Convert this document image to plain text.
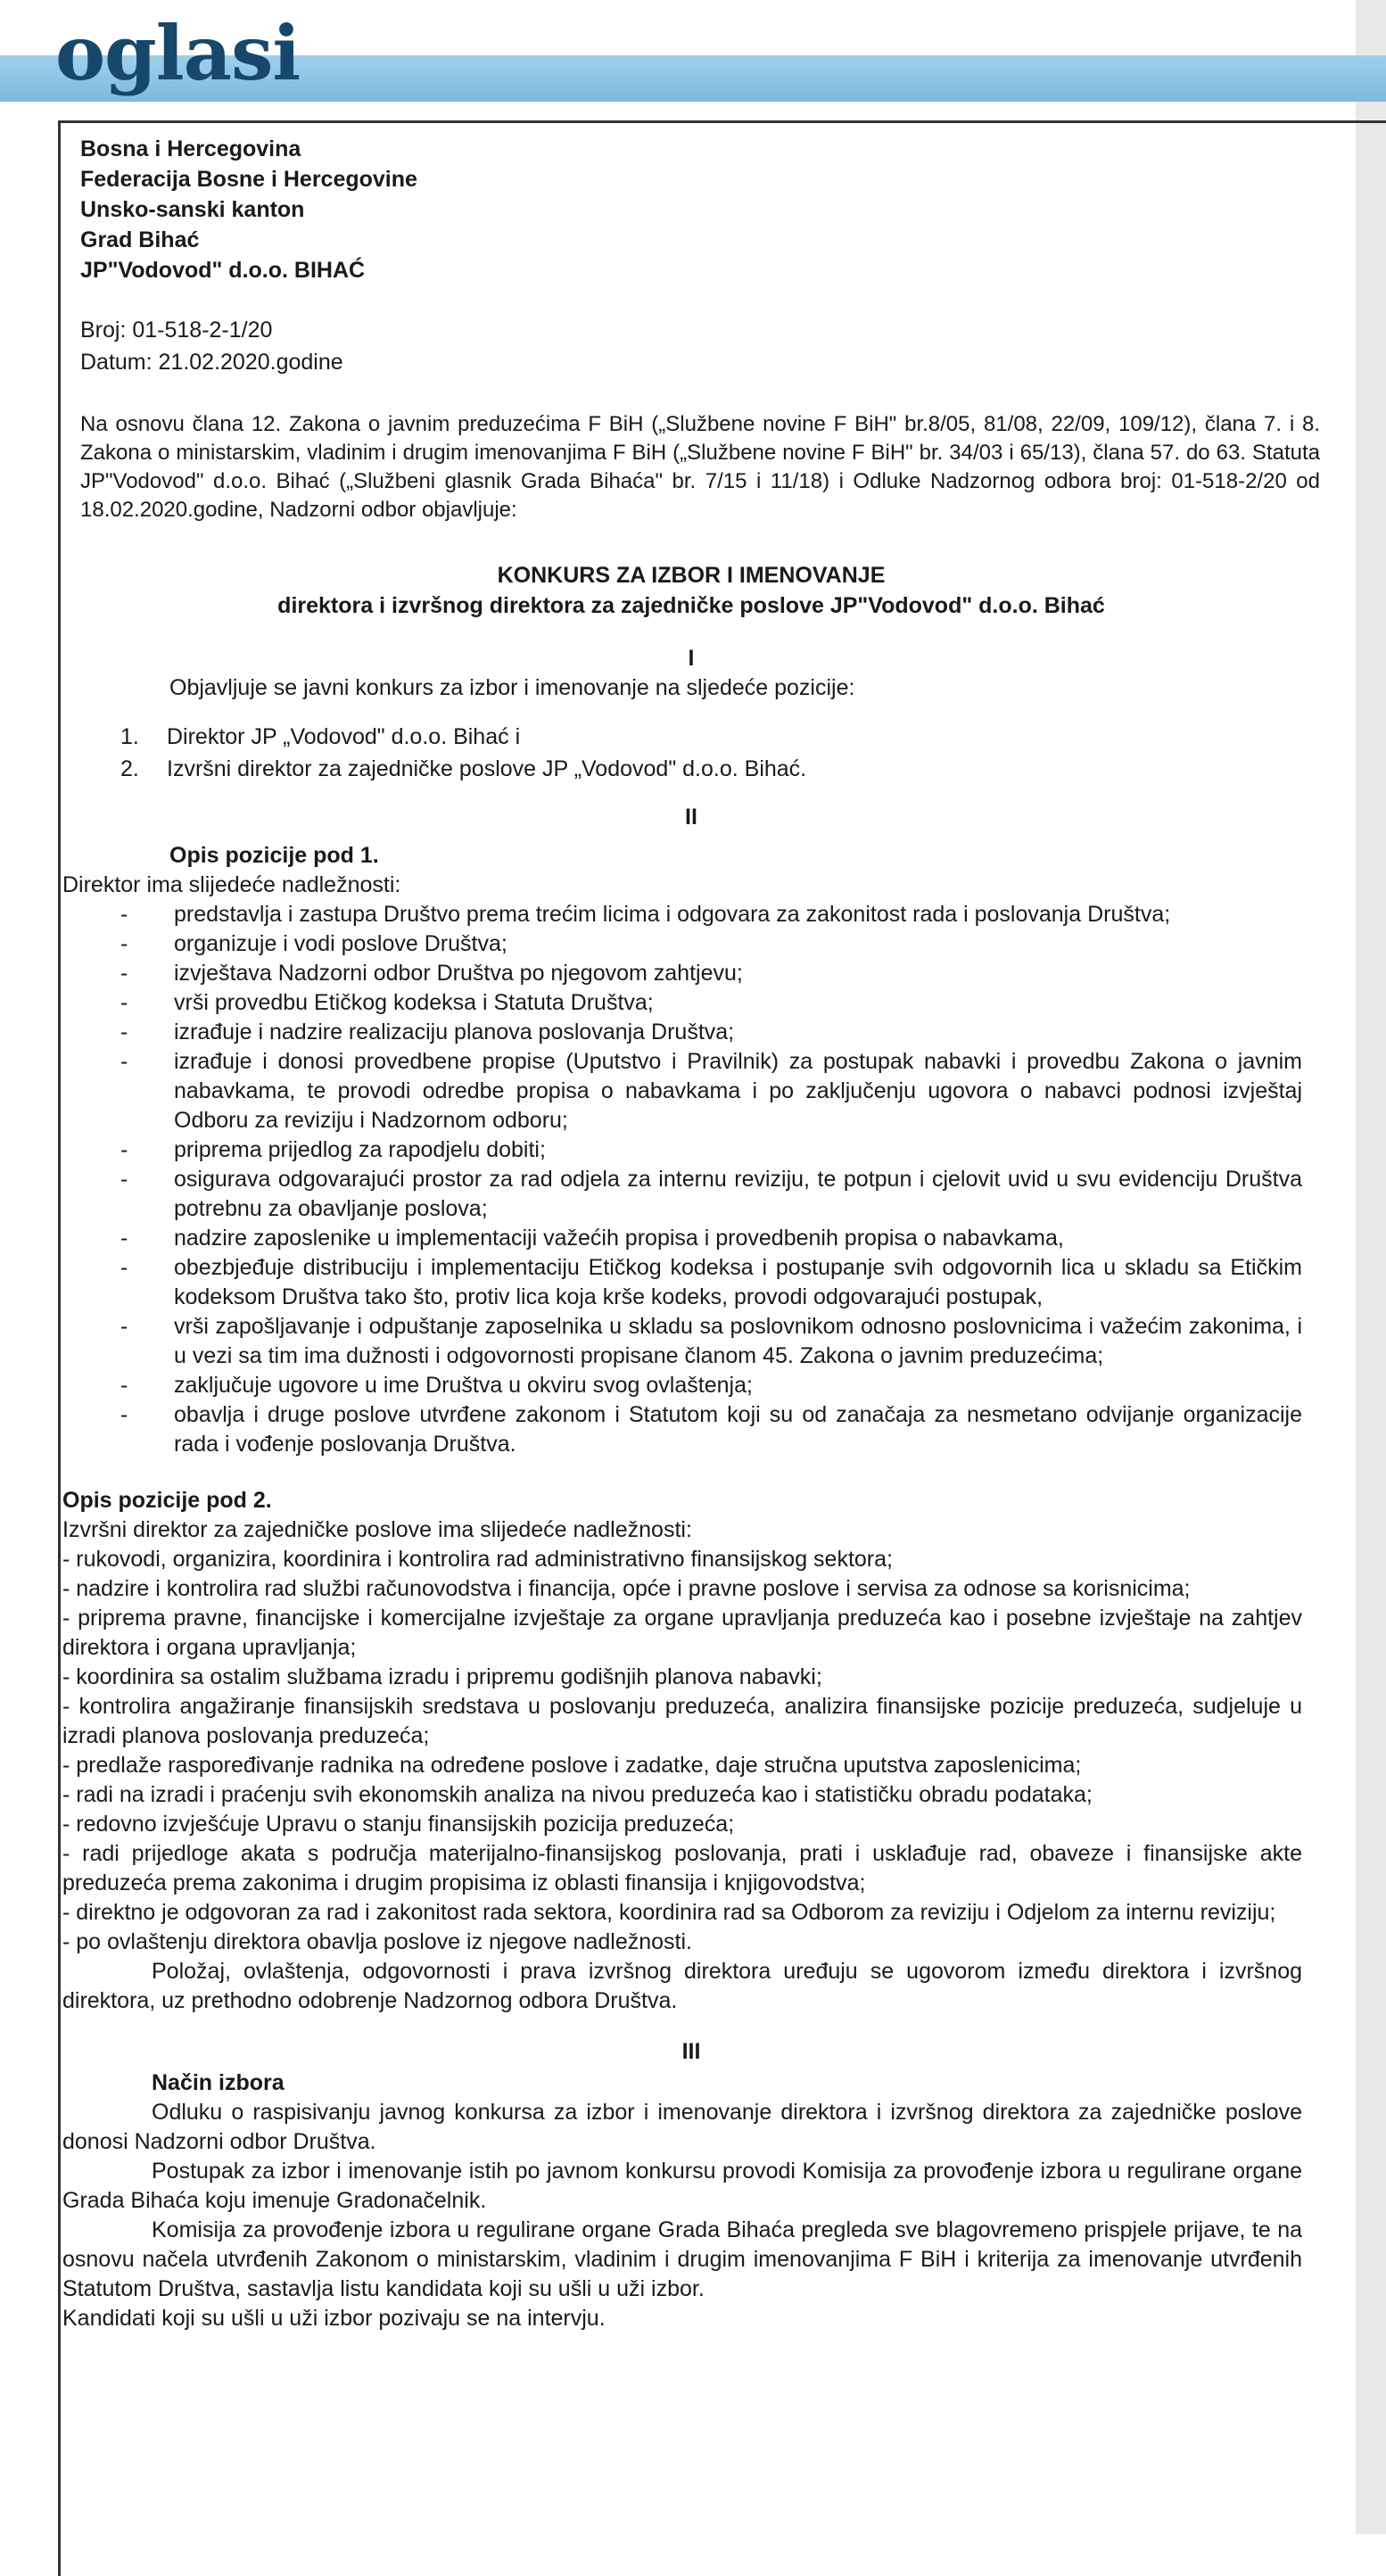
oglasi
Bosna i Hercegovina
Federacija Bosne i Hercegovine
Unsko-sanski kanton
Grad Bihać
JP"Vodovod" d.o.o. BIHAĆ
Broj: 01-518-2-1/20
Datum: 21.02.2020.godine
Na osnovu člana 12. Zakona o javnim preduzećima F BiH („Službene novine F BiH" br.8/05, 81/08, 22/09, 109/12), člana 7. i 8. Zakona o ministarskim, vladinim i drugim imenovanjima F BiH („Službene novine F BiH" br. 34/03 i 65/13), člana 57. do 63. Statuta JP"Vodovod" d.o.o. Bihać („Službeni glasnik Grada Bihaća" br. 7/15 i 11/18) i Odluke Nadzornog odbora broj: 01-518-2/20 od 18.02.2020.godine, Nadzorni odbor objavljuje:
KONKURS ZA IZBOR I IMENOVANJE
direktora i izvršnog direktora za zajedničke poslove JP"Vodovod" d.o.o. Bihać
I
Objavljuje se javni konkurs za izbor i imenovanje na sljedeće pozicije:
1.	Direktor JP „Vodovod" d.o.o. Bihać i
2.	Izvršni direktor za zajedničke poslove JP „Vodovod" d.o.o. Bihać.
II
Opis pozicije pod 1.
Direktor ima slijedeće nadležnosti:
-	predstavlja i zastupa Društvo prema trećim licima i odgovara za zakonitost rada i poslovanja Društva;
-	organizuje i vodi poslove Društva;
-	izvještava Nadzorni odbor Društva po njegovom zahtjevu;
-	vrši provedbu Etičkog kodeksa i Statuta Društva;
-	izrađuje i nadzire realizaciju planova poslovanja Društva;
-	izrađuje i donosi provedbene propise (Uputstvo i Pravilnik) za postupak nabavki i provedbu Zakona o javnim nabavkama, te provodi odredbe propisa o nabavkama i po zaključenju ugovora o nabavci podnosi izvještaj Odboru za reviziju i Nadzornom odboru;
-	priprema prijedlog za rapodjelu dobiti;
-	osigurava odgovarajući prostor za rad odjela za internu reviziju, te potpun i cjelovit uvid u svu evidenciju Društva potrebnu za obavljanje poslova;
-	nadzire zaposlenike u implementaciji važećih propisa i provedbenih propisa o nabavkama,
-	obezbjeđuje distribuciju i implementaciju Etičkog kodeksa i postupanje svih odgovornih lica u skladu sa Etičkim kodeksom Društva tako što, protiv lica koja krše kodeks, provodi odgovarajući postupak,
-	vrši zapošljavanje i odpuštanje zaposelnika u skladu sa poslovnikom odnosno poslovnicima i važećim zakonima, i u vezi sa tim ima dužnosti i odgovornosti propisane članom 45. Zakona o javnim preduzećima;
-	zaključuje ugovore u ime Društva u okviru svog ovlaštenja;
-	obavlja i druge poslove utvrđene zakonom i Statutom koji su od zanačaja za nesmetano odvijanje organizacije rada i vođenje poslovanja Društva.
Opis pozicije pod 2.
Izvršni direktor za zajedničke poslove ima slijedeće nadležnosti:
- rukovodi, organizira, koordinira i kontrolira rad administrativno finansijskog sektora;
- nadzire i kontrolira rad službi računovodstva i financija, opće i pravne poslove i servisa za odnose sa korisnicima;
- priprema pravne, financijske i komercijalne izvještaje za organe upravljanja preduzeća kao i posebne izvještaje na zahtjev direktora i organa upravljanja;
- koordinira sa ostalim službama izradu i pripremu godišnjih planova nabavki;
- kontrolira angažiranje finansijskih sredstava u poslovanju preduzeća, analizira finansijske pozicije preduzeća, sudjeluje u izradi planova poslovanja preduzeća;
- predlaže raspoređivanje radnika na određene poslove i zadatke, daje stručna uputstva zaposlenicima;
- radi na izradi i praćenju svih ekonomskih analiza na nivou preduzeća kao i statističku obradu podataka;
- redovno izvješćuje Upravu o stanju finansijskih pozicija preduzeća;
- radi prijedloge akata s područja materijalno-finansijskog poslovanja, prati i usklađuje rad, obaveze i finansijske akte preduzeća prema zakonima i drugim propisima iz oblasti finansija i knjigovodstva;
- direktno je odgovoran za rad i zakonitost rada sektora, koordinira rad sa Odborom za reviziju i Odjelom za internu reviziju;
- po ovlaštenju direktora obavlja poslove iz njegove nadležnosti.
Položaj, ovlaštenja, odgovornosti i prava izvršnog direktora uređuju se ugovorom između direktora i izvršnog direktora, uz prethodno odobrenje Nadzornog odbora Društva.
III
Način izbora
Odluku o raspisivanju javnog konkursa za izbor i imenovanje direktora i izvršnog direktora za zajedničke poslove donosi Nadzorni odbor Društva.
Postupak za izbor i imenovanje istih po javnom konkursu provodi Komisija za provođenje izbora u regulirane organe Grada Bihaća koju imenuje Gradonačelnik.
Komisija za provođenje izbora u regulirane organe Grada Bihaća pregleda sve blagovremeno prispjele prijave, te na osnovu načela utvrđenih Zakonom o ministarskim, vladinim i drugim imenovanjima F BiH i kriterija za imenovanje utvrđenih Statutom Društva, sastavlja listu kandidata koji su ušli u uži izbor.
Kandidati koji su ušli u uži izbor pozivaju se na intervju.
